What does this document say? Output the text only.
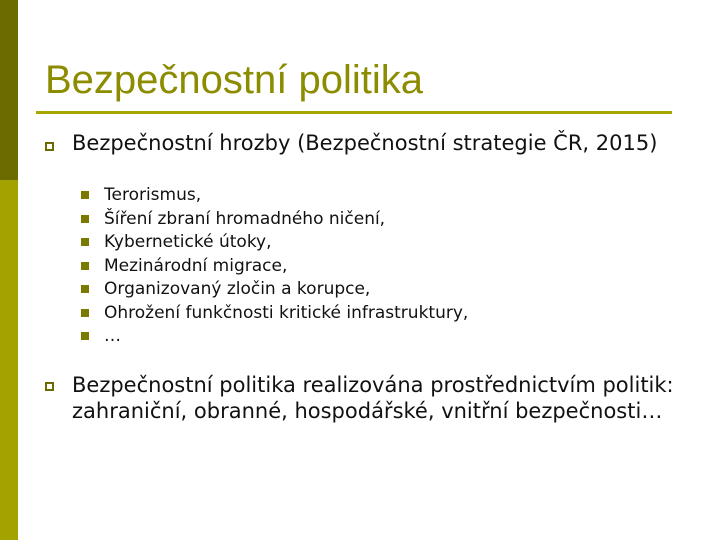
Bezpečnostní politika
Bezpečnostní hrozby (Bezpečnostní strategie ČR, 2015)
Terorismus,
Šíření zbraní hromadného ničení,
Kybernetické útoky,
Mezinárodní migrace,
Organizovaný zločin a korupce,
Ohrožení funkčnosti kritické infrastruktury,
…
Bezpečnostní politika realizována prostřednictvím politik: zahraniční, obranné, hospodářské, vnitřní bezpečnosti…
